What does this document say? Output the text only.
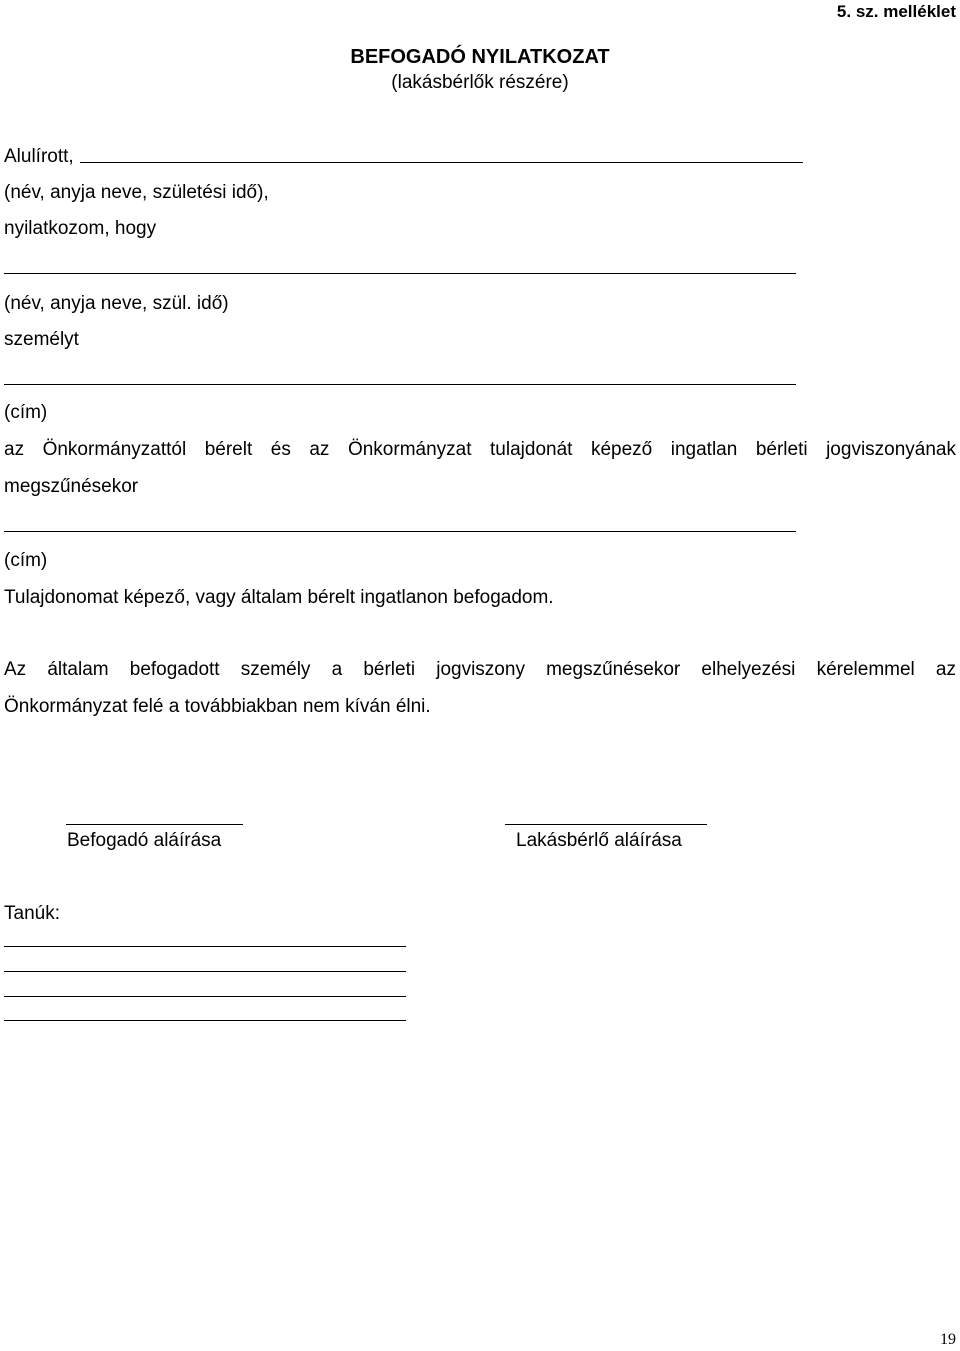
5. sz. melléklet
BEFOGADÓ NYILATKOZAT
(lakásbérlők részére)
Alulírott,
(név, anyja neve, születési idő),
nyilatkozom, hogy
(név, anyja neve, szül. idő)
személyt
(cím)
az Önkormányzattól bérelt és az Önkormányzat tulajdonát képező ingatlan bérleti jogviszonyának
megszűnésekor
(cím)
Tulajdonomat képező, vagy általam bérelt ingatlanon befogadom.
Az általam befogadott személy a bérleti jogviszony megszűnésekor elhelyezési kérelemmel az
Önkormányzat felé a továbbiakban nem kíván élni.
Befogadó aláírása	Lakásbérlő aláírása
Tanúk:
19
